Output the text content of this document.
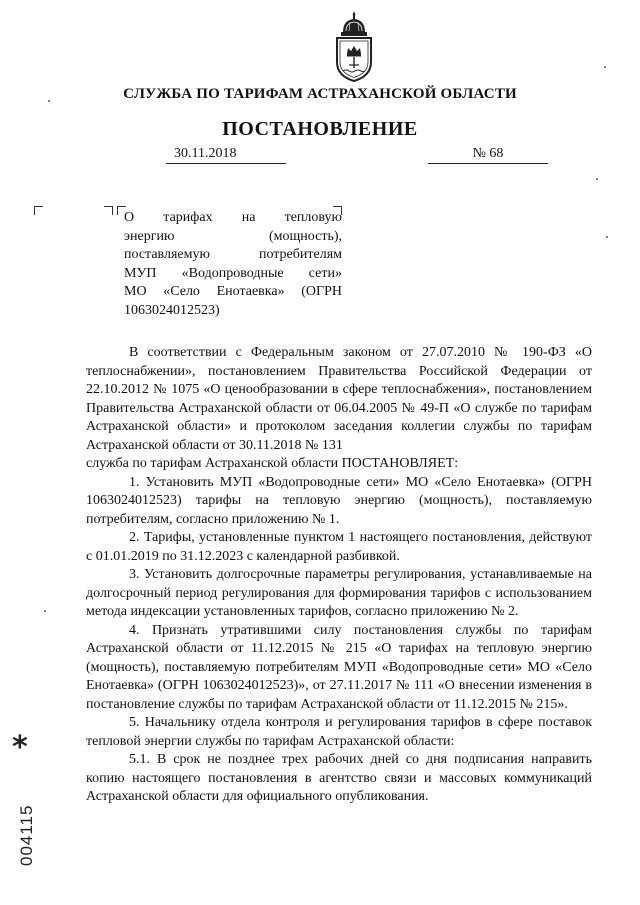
СЛУЖБА ПО ТАРИФАМ АСТРАХАНСКОЙ ОБЛАСТИ
ПОСТАНОВЛЕНИЕ
30.11.2018	№ 68
О тарифах на тепловую
энергию (мощность),
поставляемую потребителям
МУП «Водопроводные сети»
МО «Село Енотаевка» (ОГРН
1063024012523)

В соответствии с Федеральным законом от 27.07.2010 № 190-ФЗ «О теплоснабжении», постановлением Правительства Российской Федерации от 22.10.2012 № 1075 «О ценообразовании в сфере теплоснабжения», постановлением Правительства Астраханской области от 06.04.2005 № 49-П «О службе по тарифам Астраханской области» и протоколом заседания коллегии службы по тарифам Астраханской области от 30.11.2018 № 131

служба по тарифам Астраханской области ПОСТАНОВЛЯЕТ:

1. Установить МУП «Водопроводные сети» МО «Село Енотаевка» (ОГРН 1063024012523) тарифы на тепловую энергию (мощность), поставляемую потребителям, согласно приложению № 1.

2. Тарифы, установленные пунктом 1 настоящего постановления, действуют с 01.01.2019 по 31.12.2023 с календарной разбивкой.

3. Установить долгосрочные параметры регулирования, устанавливаемые на долгосрочный период регулирования для формирования тарифов с использованием метода индексации установленных тарифов, согласно приложению № 2.

4. Признать утратившими силу постановления службы по тарифам Астраханской области от 11.12.2015 № 215 «О тарифах на тепловую энергию (мощность), поставляемую потребителям МУП «Водопроводные сети» МО «Село Енотаевка» (ОГРН 1063024012523)», от 27.11.2017 № 111 «О внесении изменения в постановление службы по тарифам Астраханской области от 11.12.2015 № 215».

5. Начальнику отдела контроля и регулирования тарифов в сфере поставок тепловой энергии службы по тарифам Астраханской области:

5.1. В срок не позднее трех рабочих дней со дня подписания направить копию настоящего постановления в агентство связи и массовых коммуникаций Астраханской области для официального опубликования.

*
004115
